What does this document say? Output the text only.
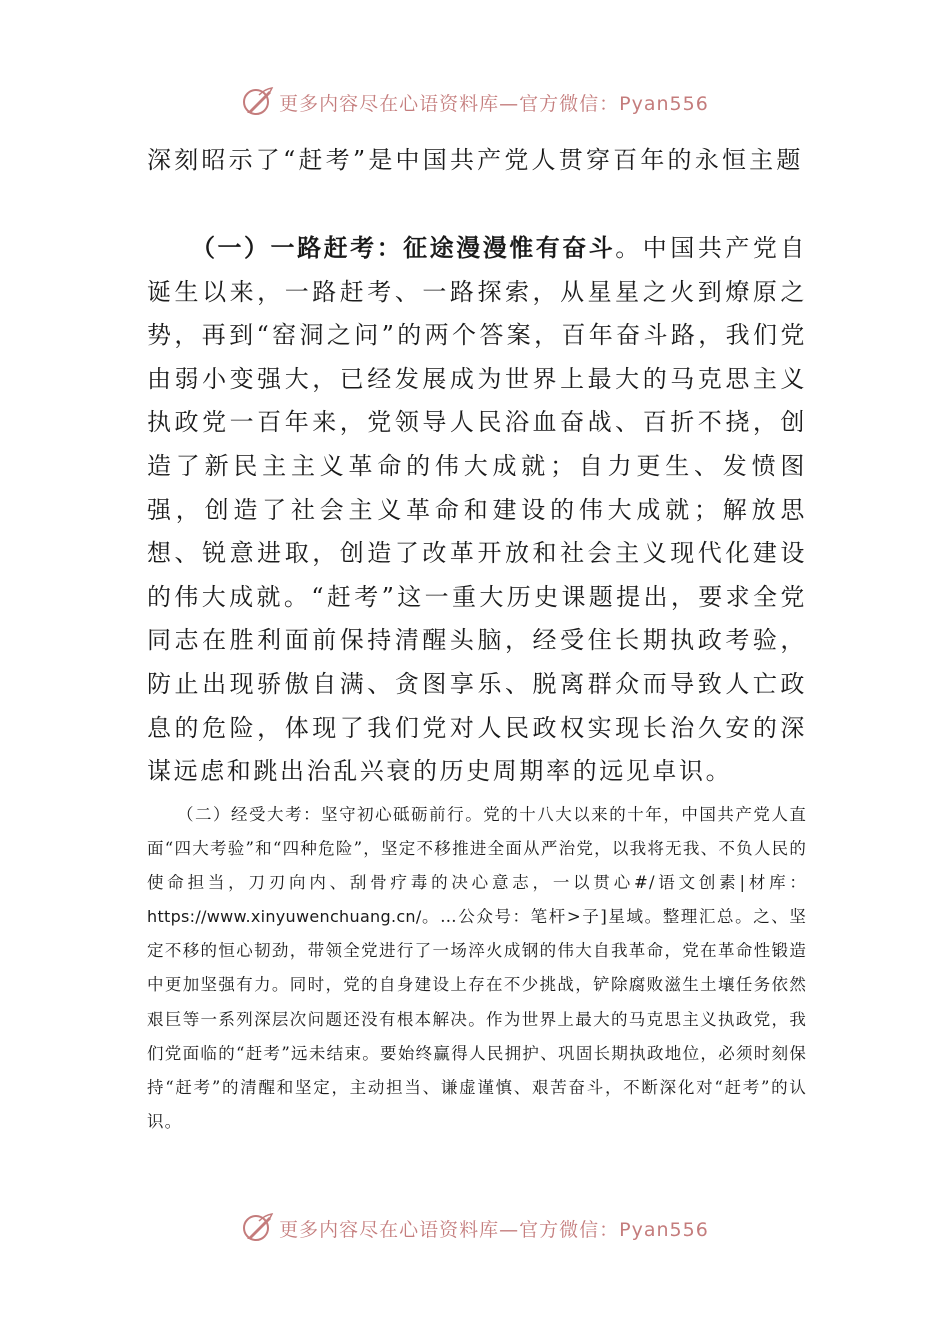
更多内容尽在心语资料库—官方微信：Pyan556
深刻昭示了“赶考”是中国共产党人贯穿百年的永恒主题
（一）一路赶考：征途漫漫惟有奋斗。中国共产党自诞生以来，一路赶考、一路探索，从星星之火到燎原之势，再到“窑洞之问”的两个答案，百年奋斗路，我们党由弱小变强大，已经发展成为世界上最大的马克思主义执政党一百年来，党领导人民浴血奋战、百折不挠，创造了新民主主义革命的伟大成就；自力更生、发愤图强，创造了社会主义革命和建设的伟大成就；解放思想、锐意进取，创造了改革开放和社会主义现代化建设的伟大成就。“赶考”这一重大历史课题提出，要求全党同志在胜利面前保持清醒头脑，经受住长期执政考验，防止出现骄傲自满、贪图享乐、脱离群众而导致人亡政息的危险，体现了我们党对人民政权实现长治久安的深谋远虑和跳出治乱兴衰的历史周期率的远见卓识。
（二）经受大考：坚守初心砥砺前行。党的十八大以来的十年，中国共产党人直面“四大考验”和“四种危险”，坚定不移推进全面从严治党，以我将无我、不负人民的使命担当，刀刃向内、刮骨疗毒的决心意志，一以贯心#/语文创素|材库：https://www.xinyuwenchuang.cn/。…公众号：笔杆>子]星域。整理汇总。之、坚定不移的恒心韧劲，带领全党进行了一场淬火成钢的伟大自我革命，党在革命性锻造中更加坚强有力。同时，党的自身建设上存在不少挑战，铲除腐败滋生土壤任务依然艰巨等一系列深层次问题还没有根本解决。作为世界上最大的马克思主义执政党，我们党面临的“赶考”远未结束。要始终赢得人民拥护、巩固长期执政地位，必须时刻保持“赶考”的清醒和坚定，主动担当、谦虚谨慎、艰苦奋斗，不断深化对“赶考”的认识。
更多内容尽在心语资料库—官方微信：Pyan556
